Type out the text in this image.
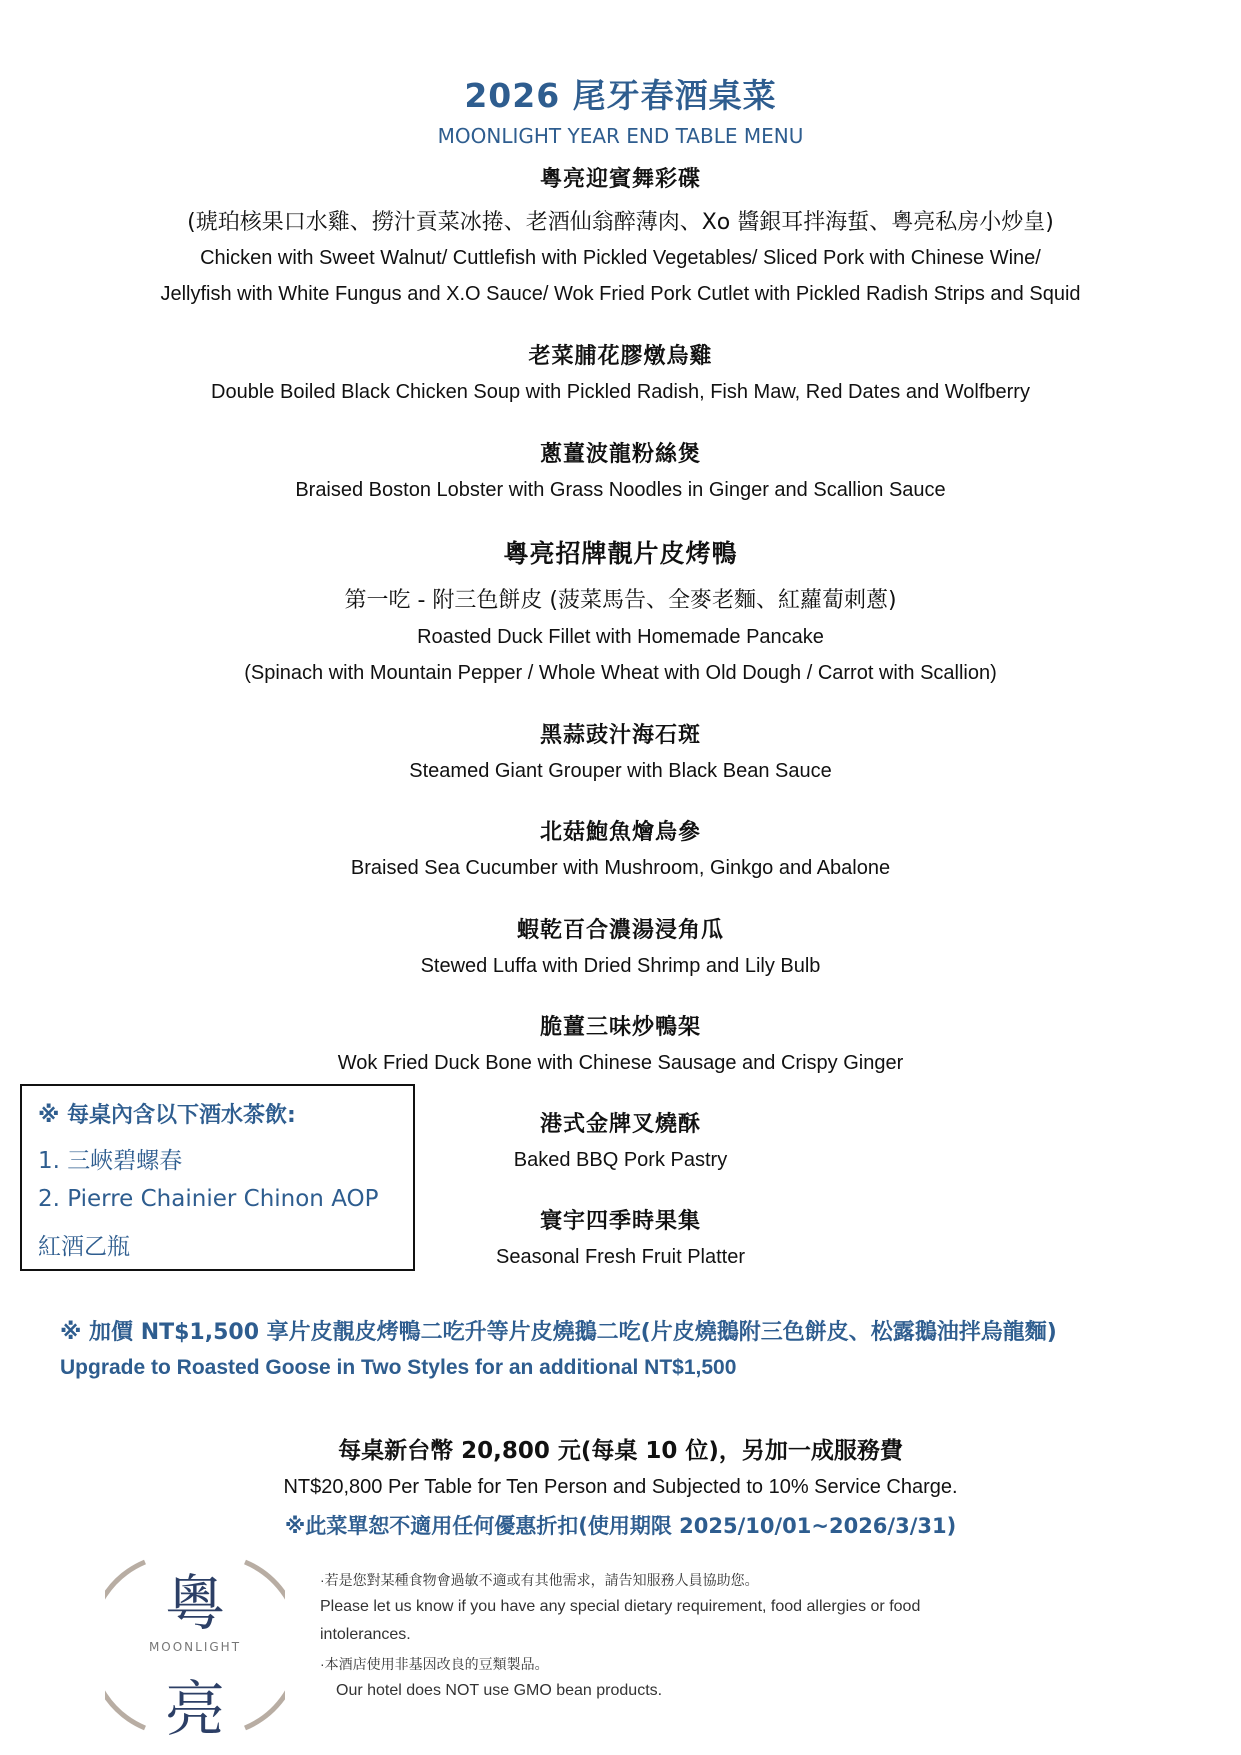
2026 尾牙春酒桌菜
MOONLIGHT YEAR END TABLE MENU
粵亮迎賓舞彩碟
(琥珀核果口水雞、撈汁貢菜冰捲、老酒仙翁醉薄肉、Xo 醬銀耳拌海蜇、粵亮私房小炒皇)
Chicken with Sweet Walnut/ Cuttlefish with Pickled Vegetables/ Sliced Pork with Chinese Wine/
Jellyfish with White Fungus and X.O Sauce/ Wok Fried Pork Cutlet with Pickled Radish Strips and Squid
老菜脯花膠燉烏雞
Double Boiled Black Chicken Soup with Pickled Radish, Fish Maw, Red Dates and Wolfberry
蔥薑波龍粉絲煲
Braised Boston Lobster with Grass Noodles in Ginger and Scallion Sauce
粵亮招牌靚片皮烤鴨
第一吃 - 附三色餅皮 (菠菜馬告、全麥老麵、紅蘿蔔刺蔥)
Roasted Duck Fillet with Homemade Pancake
(Spinach with Mountain Pepper / Whole Wheat with Old Dough / Carrot with Scallion)
黑蒜豉汁海石斑
Steamed Giant Grouper with Black Bean Sauce
北菇鮑魚燴烏參
Braised Sea Cucumber with Mushroom, Ginkgo and Abalone
蝦乾百合濃湯浸角瓜
Stewed Luffa with Dried Shrimp and Lily Bulb
脆薑三味炒鴨架
Wok Fried Duck Bone with Chinese Sausage and Crispy Ginger
港式金牌叉燒酥
Baked BBQ Pork Pastry
寰宇四季時果集
Seasonal Fresh Fruit Platter
※ 每桌內含以下酒水茶飲:
1. 三峽碧螺春
2. Pierre Chainier Chinon AOP
紅酒乙瓶
※ 加價 NT$1,500 享片皮靚皮烤鴨二吃升等片皮燒鵝二吃(片皮燒鵝附三色餅皮、松露鵝油拌烏龍麵)
Upgrade to Roasted Goose in Two Styles for an additional NT$1,500
每桌新台幣 20,800 元(每桌 10 位)，另加一成服務費
NT$20,800 Per Table for Ten Person and Subjected to 10% Service Charge.
※此菜單恕不適用任何優惠折扣(使用期限 2025/10/01~2026/3/31)
粵
MOONLIGHT
亮
·若是您對某種食物會過敏不適或有其他需求，請告知服務人員協助您。
Please let us know if you have any special dietary requirement, food allergies or food
intolerances.
·本酒店使用非基因改良的豆類製品。
Our hotel does NOT use GMO bean products.
